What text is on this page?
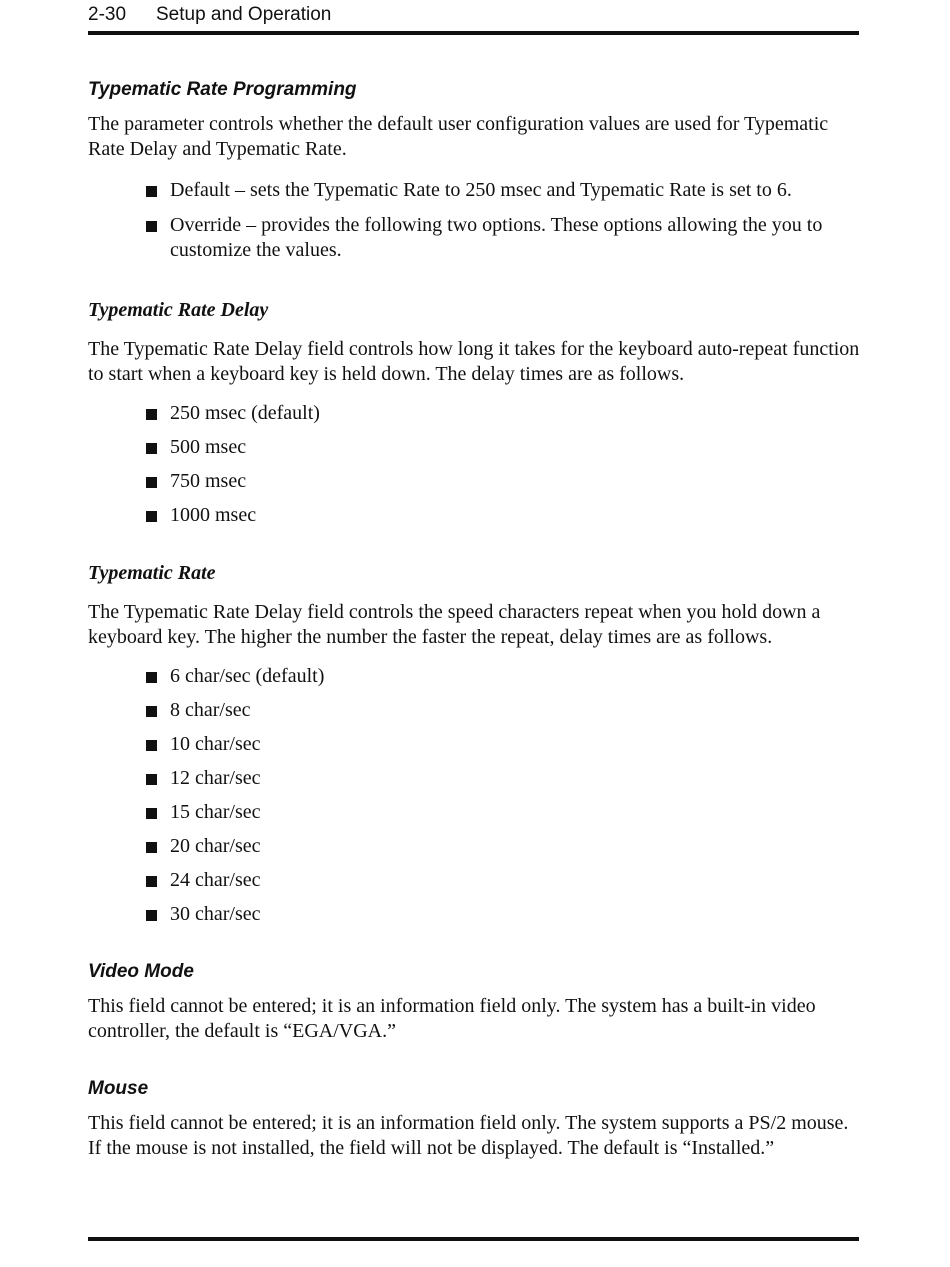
2-30 Setup and Operation
Typematic Rate Programming

The parameter controls whether the default user configuration values are used for Typematic Rate Delay and Typematic Rate.

Default – sets the Typematic Rate to 250 msec and Typematic Rate is set to 6.
Override – provides the following two options. These options allowing the you to customize the values.
Typematic Rate Delay

The Typematic Rate Delay field controls how long it takes for the keyboard auto-repeat function to start when a keyboard key is held down. The delay times are as follows.

250 msec (default)
500 msec
750 msec
1000 msec
Typematic Rate

The Typematic Rate Delay field controls the speed characters repeat when you hold down a keyboard key. The higher the number the faster the repeat, delay times are as follows.

6 char/sec (default)
8 char/sec
10 char/sec
12 char/sec
15 char/sec
20 char/sec
24 char/sec
30 char/sec
Video Mode

This field cannot be entered; it is an information field only. The system has a built-in video controller, the default is “EGA/VGA.”

Mouse

This field cannot be entered; it is an information field only. The system supports a PS/2 mouse. If the mouse is not installed, the field will not be displayed. The default is “Installed.”
